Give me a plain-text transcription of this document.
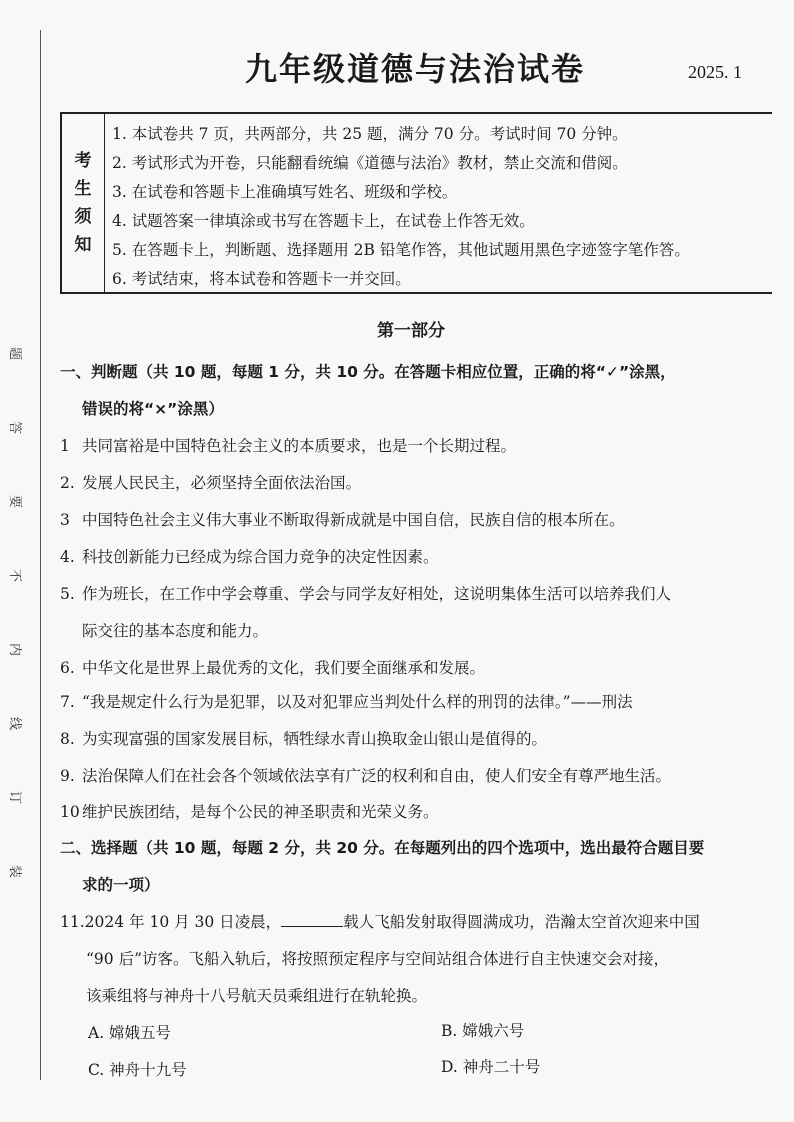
九年级道德与法治试卷	2025. 1
考
生
须
知
1. 本试卷共 7 页，共两部分，共 25 题，满分 70 分。考试时间 70 分钟。
2. 考试形式为开卷，只能翻看统编《道德与法治》教材，禁止交流和借阅。
3. 在试卷和答题卡上准确填写姓名、班级和学校。
4. 试题答案一律填涂或书写在答题卡上，在试卷上作答无效。
5. 在答题卡上，判断题、选择题用 2B 铅笔作答，其他试题用黑色字迹签字笔作答。
6. 考试结束，将本试卷和答题卡一并交回。
题
答
要
不
内
线
订
装
第一部分
一、判断题（共 10 题，每题 1 分，共 10 分。在答题卡相应位置，正确的将“✓”涂黑，
错误的将“×”涂黑）
1 共同富裕是中国特色社会主义的本质要求，也是一个长期过程。
2. 发展人民民主，必须坚持全面依法治国。
3 中国特色社会主义伟大事业不断取得新成就是中国自信，民族自信的根本所在。
4. 科技创新能力已经成为综合国力竞争的决定性因素。
5. 作为班长，在工作中学会尊重、学会与同学友好相处，这说明集体生活可以培养我们人
际交往的基本态度和能力。
6. 中华文化是世界上最优秀的文化，我们要全面继承和发展。
7. “我是规定什么行为是犯罪，以及对犯罪应当判处什么样的刑罚的法律。”——刑法
8. 为实现富强的国家发展目标，牺牲绿水青山换取金山银山是值得的。
9. 法治保障人们在社会各个领域依法享有广泛的权利和自由，使人们安全有尊严地生活。
10 维护民族团结，是每个公民的神圣职责和光荣义务。
二、选择题（共 10 题，每题 2 分，共 20 分。在每题列出的四个选项中，选出最符合题目要
求的一项）
11.2024 年 10 月 30 日凌晨，	载人飞船发射取得圆满成功，浩瀚太空首次迎来中国
“90 后”访客。飞船入轨后，将按照预定程序与空间站组合体进行自主快速交会对接，
该乘组将与神舟十八号航天员乘组进行在轨轮换。
A. 嫦娥五号	B. 嫦娥六号
C. 神舟十九号	D. 神舟二十号
